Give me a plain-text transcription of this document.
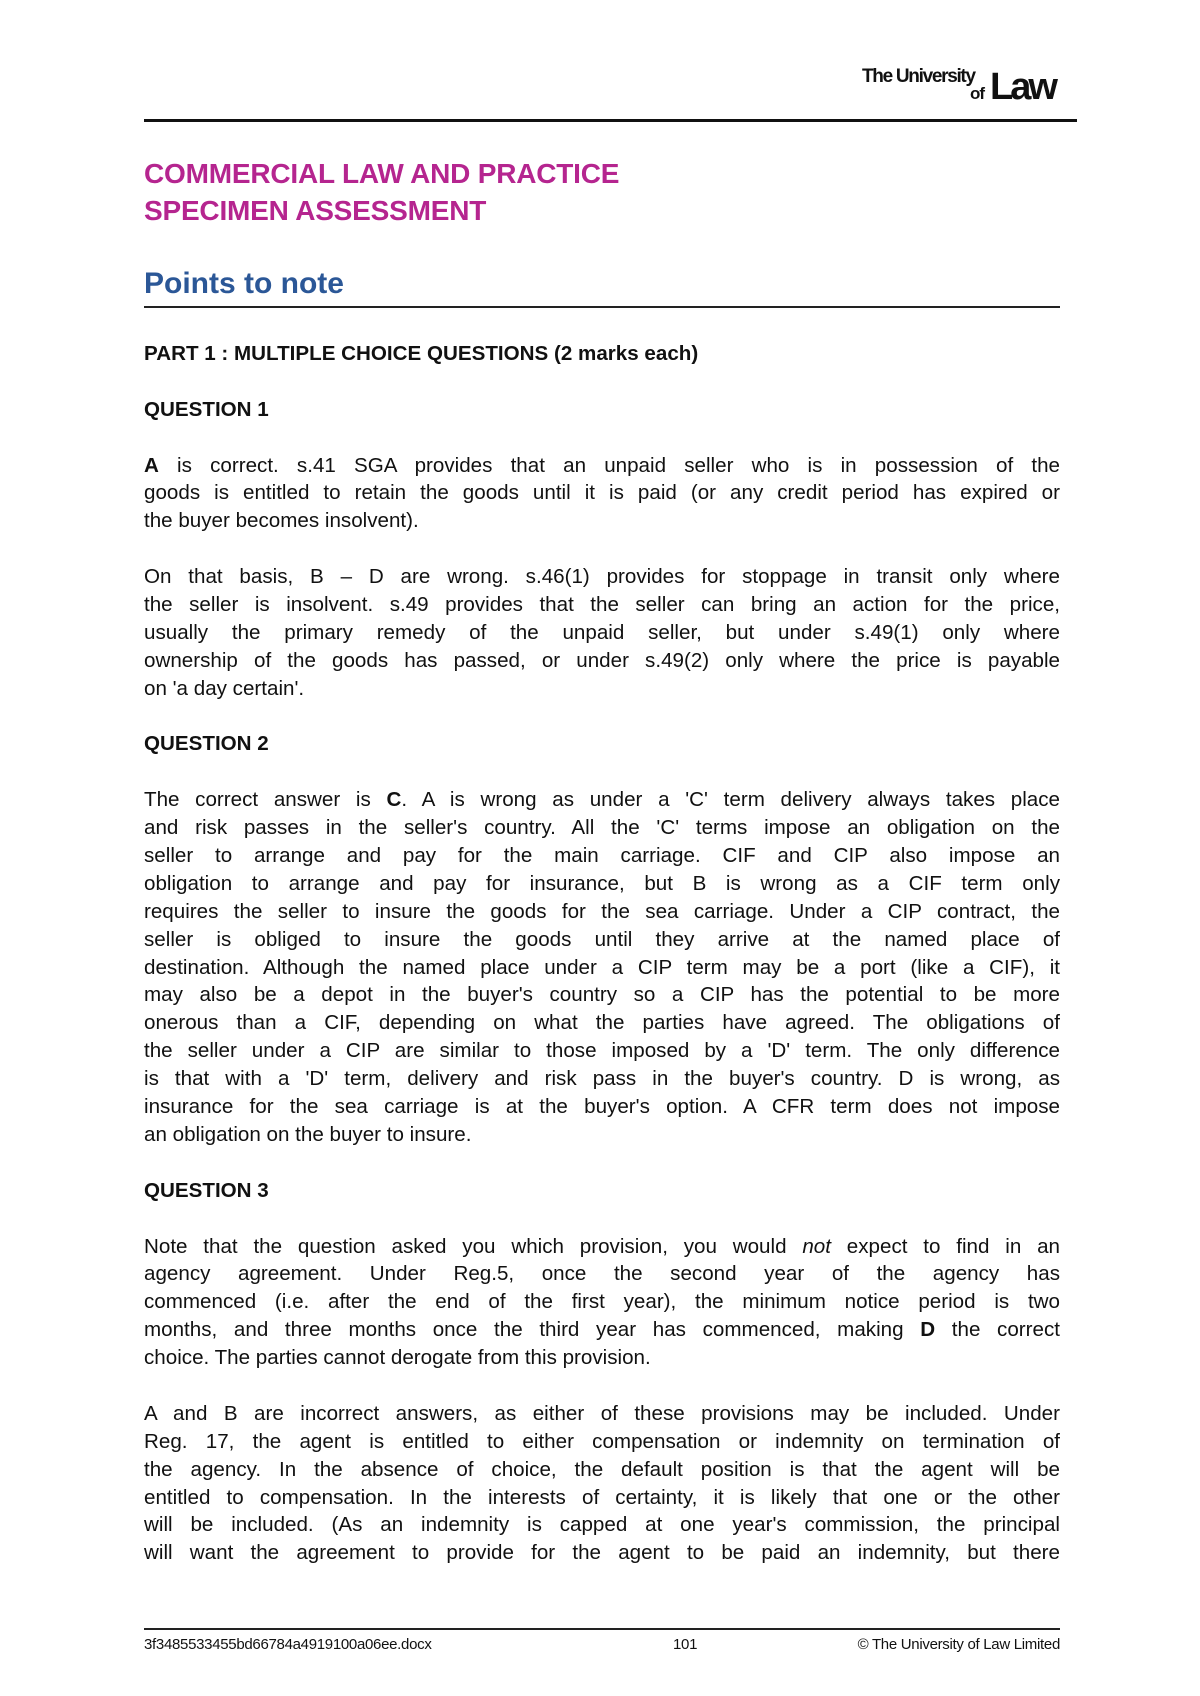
The University
of Law
COMMERCIAL LAW AND PRACTICE
SPECIMEN ASSESSMENT
Points to note
PART 1 : MULTIPLE CHOICE QUESTIONS (2 marks each)
QUESTION 1
A is correct. s.41 SGA provides that an unpaid seller who is in possession of the
goods is entitled to retain the goods until it is paid (or any credit period has expired or
the buyer becomes insolvent).
On that basis, B – D are wrong. s.46(1) provides for stoppage in transit only where
the seller is insolvent. s.49 provides that the seller can bring an action for the price,
usually the primary remedy of the unpaid seller, but under s.49(1) only where
ownership of the goods has passed, or under s.49(2) only where the price is payable
on 'a day certain'.
QUESTION 2
The correct answer is C. A is wrong as under a 'C' term delivery always takes place
and risk passes in the seller's country. All the 'C' terms impose an obligation on the
seller to arrange and pay for the main carriage. CIF and CIP also impose an
obligation to arrange and pay for insurance, but B is wrong as a CIF term only
requires the seller to insure the goods for the sea carriage. Under a CIP contract, the
seller is obliged to insure the goods until they arrive at the named place of
destination. Although the named place under a CIP term may be a port (like a CIF), it
may also be a depot in the buyer's country so a CIP has the potential to be more
onerous than a CIF, depending on what the parties have agreed. The obligations of
the seller under a CIP are similar to those imposed by a 'D' term. The only difference
is that with a 'D' term, delivery and risk pass in the buyer's country. D is wrong, as
insurance for the sea carriage is at the buyer's option. A CFR term does not impose
an obligation on the buyer to insure.
QUESTION 3
Note that the question asked you which provision, you would not expect to find in an
agency agreement. Under Reg.5, once the second year of the agency has
commenced (i.e. after the end of the first year), the minimum notice period is two
months, and three months once the third year has commenced, making D the correct
choice. The parties cannot derogate from this provision.
A and B are incorrect answers, as either of these provisions may be included. Under
Reg. 17, the agent is entitled to either compensation or indemnity on termination of
the agency. In the absence of choice, the default position is that the agent will be
entitled to compensation. In the interests of certainty, it is likely that one or the other
will be included. (As an indemnity is capped at one year's commission, the principal
will want the agreement to provide for the agent to be paid an indemnity, but there
3f3485533455bd66784a4919100a06ee.docx	101	© The University of Law Limited
